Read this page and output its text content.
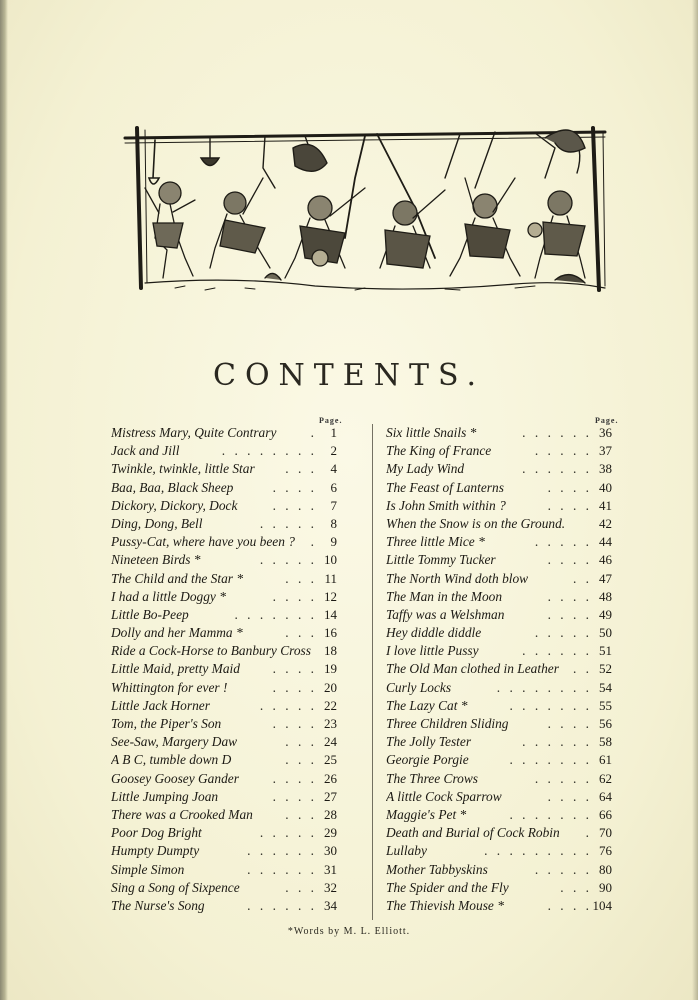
CONTENTS.
Page.	Page.
Mistress Mary, Quite Contrary	.	1
Jack and Jill	. . . . . . . .	2
Twinkle, twinkle, little Star	. . .	4
Baa, Baa, Black Sheep	. . . .	6
Dickory, Dickory, Dock	. . . .	7
Ding, Dong, Bell	. . . . .	8
Pussy-Cat, where have you been ?	.	9
Nineteen Birds *	. . . . . 10
The Child and the Star *	. . . 11
I had a little Doggy *	. . . . 12
Little Bo-Peep	. . . . . . . 14
Dolly and her Mamma *	. . . 16
Ride a Cock-Horse to Banbury Cross	18
Little Maid, pretty Maid	. . . . 19
Whittington for ever !	. . . . 20
Little Jack Horner	. . . . . 22
Tom, the Piper's Son	. . . . 23
See-Saw, Margery Daw	. . . 24
A B C, tumble down D	. . . 25
Goosey Goosey Gander	. . . . 26
Little Jumping Joan	. . . . 27
There was a Crooked Man	. . . 28
Poor Dog Bright	. . . . . 29
Humpty Dumpty	. . . . . . 30
Simple Simon	. . . . . . 31
Sing a Song of Sixpence	. . . 32
The Nurse's Song	. . . . . . 34
Six little Snails *	. . . . . . 36
The King of France	. . . . . 37
My Lady Wind	. . . . . . 38
The Feast of Lanterns	. . . . 40
Is John Smith within ?	. . . . 41
When the Snow is on the Ground.	42
Three little Mice *	. . . . . 44
Little Tommy Tucker	. . . . 46
The North Wind doth blow	. . 47
The Man in the Moon	. . . . 48
Taffy was a Welshman	. . . . 49
Hey diddle diddle	. . . . . 50
I love little Pussy	. . . . . . 51
The Old Man clothed in Leather	. . 52
Curly Locks	. . . . . . . . 54
The Lazy Cat *	. . . . . . . 55
Three Children Sliding	. . . . 56
The Jolly Tester	. . . . . . 58
Georgie Porgie	. . . . . . . 61
The Three Crows	. . . . . 62
A little Cock Sparrow	. . . . 64
Maggie's Pet *	. . . . . . . 66
Death and Burial of Cock Robin	. 70
Lullaby	. . . . . . . . . 76
Mother Tabbyskins	. . . . . 80
The Spider and the Fly	. . . 90
The Thievish Mouse *	. . . . 104
*Words by M. L. Elliott.
